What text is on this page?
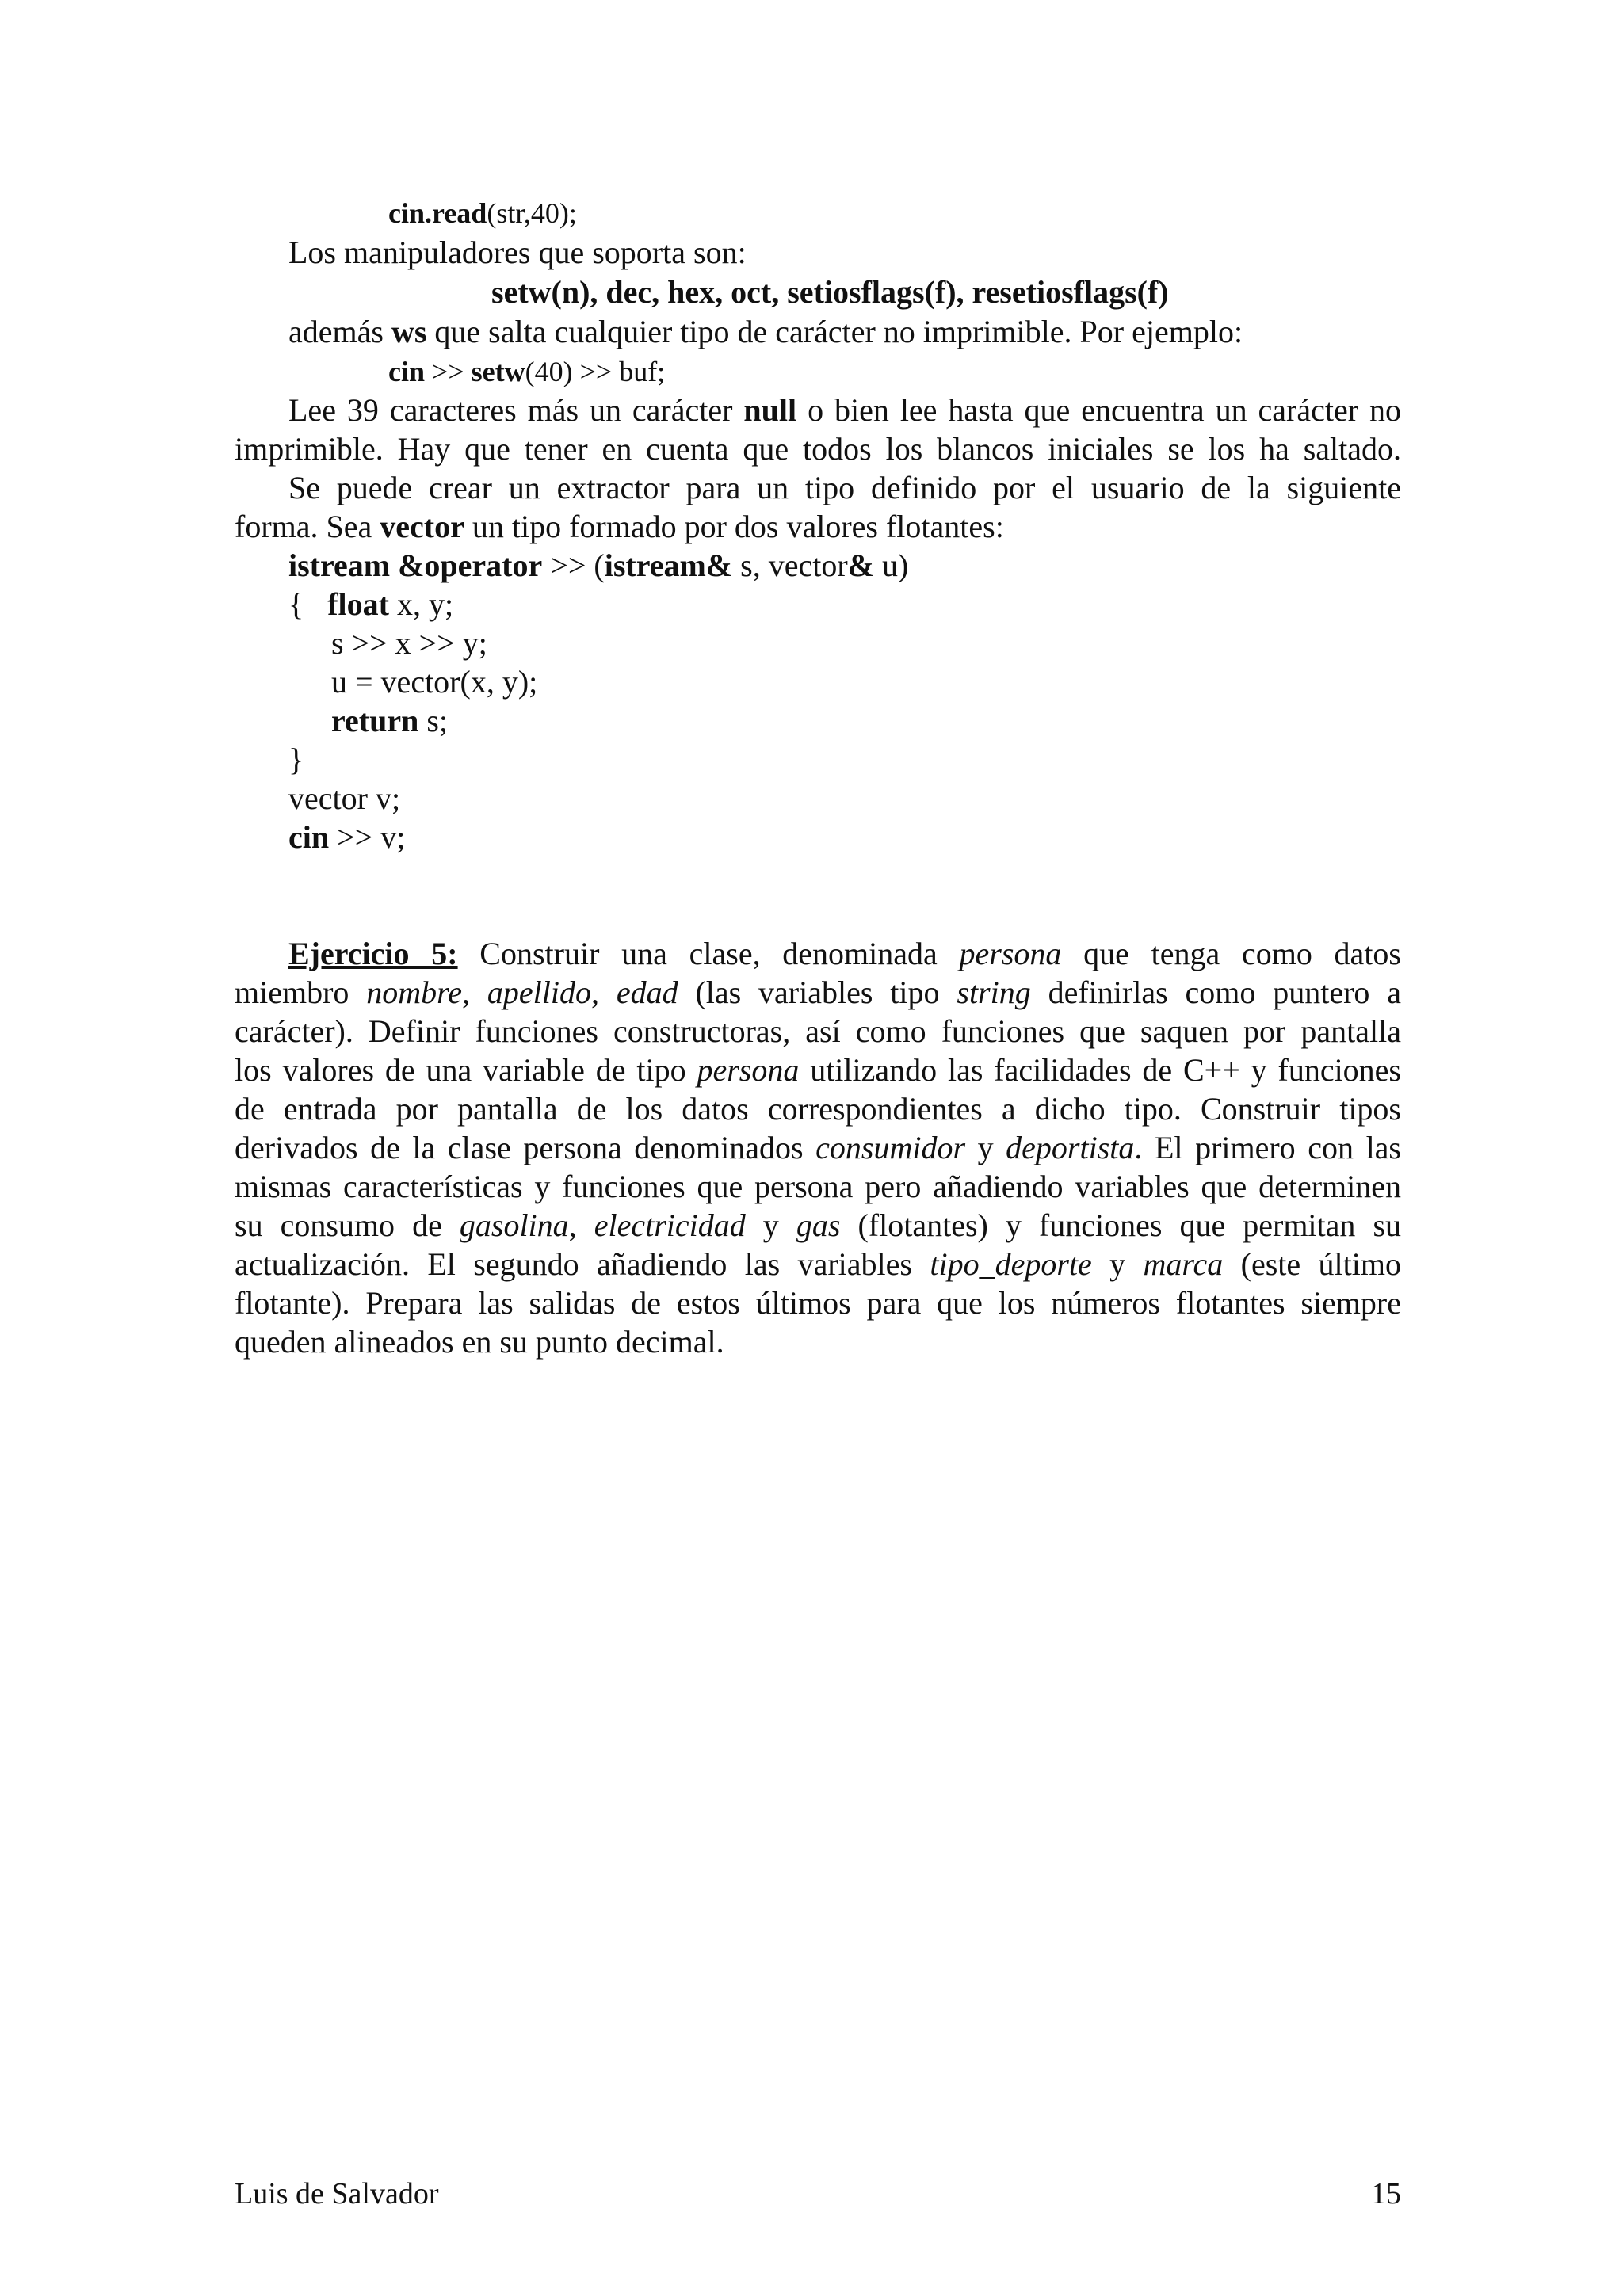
cin.read(str,40);
Los manipuladores que soporta son:
setw(n), dec, hex, oct, setiosflags(f), resetiosflags(f)
además ws que salta cualquier tipo de carácter no imprimible. Por ejemplo:
cin >> setw(40) >> buf;
Lee 39 caracteres más un carácter null o bien lee hasta que encuentra un carácter no
imprimible. Hay que tener en cuenta que todos los blancos iniciales se los ha saltado.
Se puede crear un extractor para un tipo definido por el usuario de la siguiente
forma. Sea vector un tipo formado por dos valores flotantes:
istream &operator >> (istream& s, vector& u)
{   float x, y;
s >> x >> y;
u = vector(x, y);
return s;
}
vector v;
cin >> v;
Ejercicio 5: Construir una clase, denominada persona que tenga como datos
miembro nombre, apellido, edad (las variables tipo string definirlas como puntero a
carácter). Definir funciones constructoras, así como funciones que saquen por pantalla
los valores de una variable de tipo persona utilizando las facilidades de C++ y funciones
de entrada por pantalla de los datos correspondientes a dicho tipo. Construir tipos
derivados de la clase persona denominados consumidor y deportista. El primero con las
mismas características y funciones que persona pero añadiendo variables que determinen
su consumo de gasolina, electricidad y gas (flotantes) y funciones que permitan su
actualización. El segundo añadiendo las variables tipo_deporte y marca (este último
flotante). Prepara las salidas de estos últimos para que los números flotantes siempre
queden alineados en su punto decimal.
Luis de Salvador	15
